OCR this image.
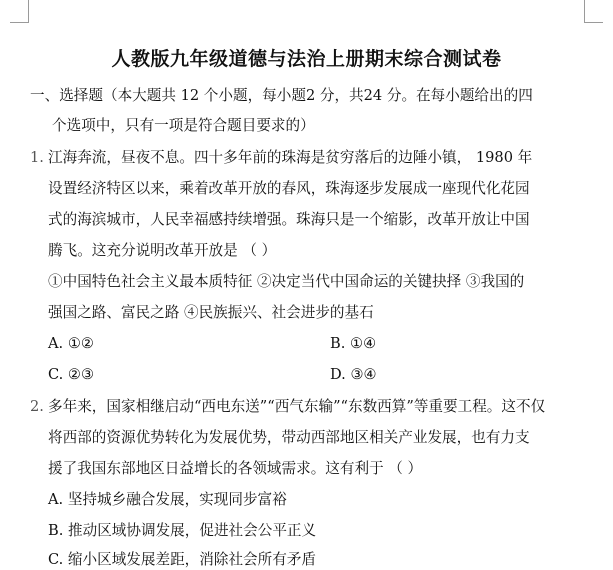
人教版九年级道德与法治上册期末综合测试卷
一、选择题（本大题共 12 个小题，每小题2 分，共24 分。在每小题给出的四
个选项中，只有一项是符合题目要求的）
1. 江海奔流，昼夜不息。四十多年前的珠海是贫穷落后的边陲小镇， 1980 年
设置经济特区以来，乘着改革开放的春风，珠海逐步发展成一座现代化花园
式的海滨城市，人民幸福感持续增强。珠海只是一个缩影，改革开放让中国
腾飞。这充分说明改革开放是 （ ）
①中国特色社会主义最本质特征 ②决定当代中国命运的关键抉择 ③我国的
强国之路、富民之路 ④民族振兴、社会进步的基石
A. ①②	B. ①④
C. ②③	D. ③④
2. 多年来，国家相继启动“西电东送”“西气东输”“东数西算”等重要工程。这不仅
将西部的资源优势转化为发展优势，带动西部地区相关产业发展，也有力支
援了我国东部地区日益增长的各领域需求。这有利于 （ ）
A. 坚持城乡融合发展，实现同步富裕
B. 推动区域协调发展，促进社会公平正义
C. 缩小区域发展差距，消除社会所有矛盾
